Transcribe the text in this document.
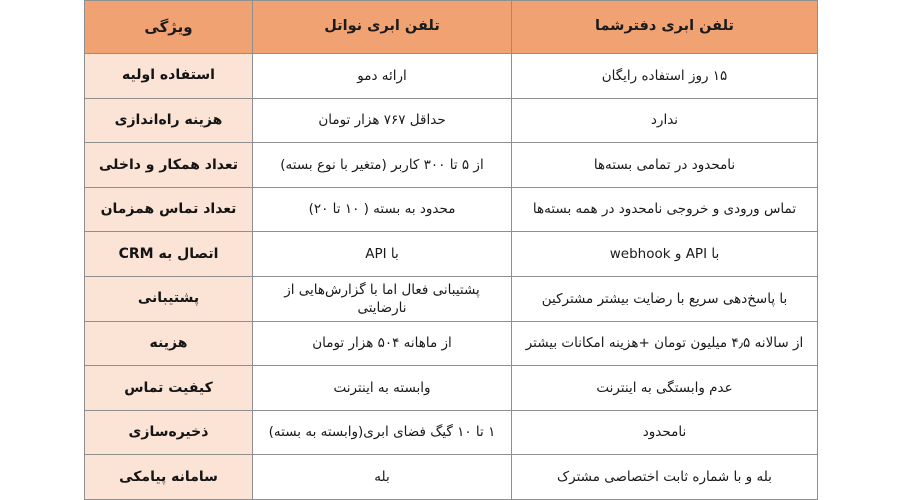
تلفن ابری دفترشما	تلفن ابری نواتل	ویژگی
۱۵ روز استفاده رایگان	ارائه دمو	استفاده اولیه
ندارد	حداقل ۷۶۷ هزار تومان	هزینه راه‌اندازی
نامحدود در تمامی بسته‌ها	از ۵ تا ۳۰۰ کاربر (متغیر با نوع بسته)	تعداد همکار و داخلی
تماس ورودی و خروجی نامحدود در همه بسته‌ها	محدود به بسته ( ۱۰ تا ۲۰)	تعداد تماس همزمان
با API و webhook	با API	اتصال به CRM
با پاسخ‌دهی سریع با رضایت بیشتر مشترکین	پشتیبانی فعال اما با گزارش‌هایی از نارضایتی	پشتیبانی
از سالانه ۴٫۵ میلیون تومان +هزینه امکانات بیشتر	از ماهانه ۵۰۴ هزار تومان	هزینه
عدم وابستگی به اینترنت	وابسته به اینترنت	کیفیت تماس
نامحدود	۱ تا ۱۰ گیگ فضای ابری(وابسته به بسته)	ذخیره‌سازی
بله و با شماره ثابت اختصاصی مشترک	بله	سامانه پیامکی
